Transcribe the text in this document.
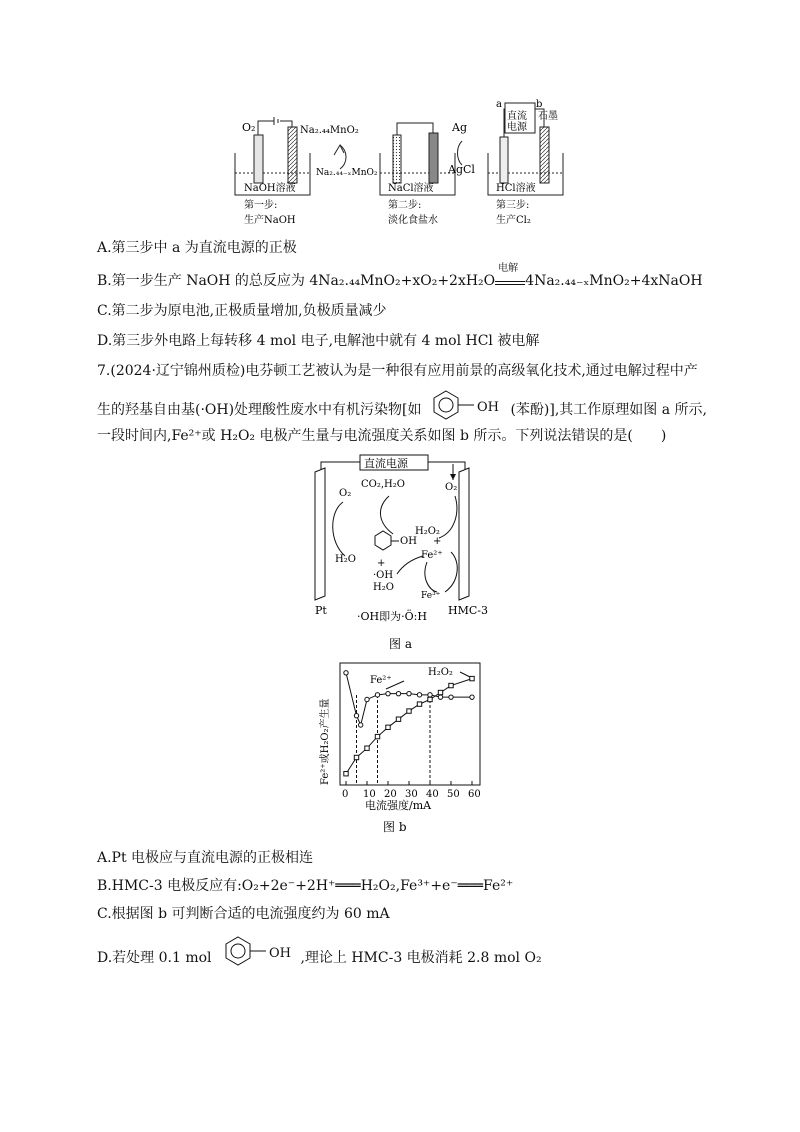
O₂	Na₂.₄₄MnO₂
NaOH溶液
第一步:
生产NaOH
Na₂.₄₄₋ₓMnO₂
Ag
AgCl
NaCl溶液
第二步:
淡化食盐水
a	b
直流
电源
石墨
HCl溶液
第三步:
生产Cl₂
A.第三步中 a 为直流电源的正极
B.第一步生产 NaOH 的总反应为 4Na₂.₄₄MnO₂+xO₂+2xH₂O
电解
4Na₂.₄₄₋ₓMnO₂+4xNaOH
C.第二步为原电池,正极质量增加,负极质量减少
D.第三步外电路上每转移 4 mol 电子,电解池中就有 4 mol HCl 被电解
7.(2024·辽宁锦州质检)电芬顿工艺被认为是一种很有应用前景的高级氧化技术,通过电解过程中产
生的羟基自由基(·OH)处理酸性废水中有机污染物[如	OH (苯酚)],其工作原理如图 a 所示,
一段时间内,Fe²⁺或 H₂O₂ 电极产生量与电流强度关系如图 b 所示。下列说法错误的是(　　)
直流电源
O₂
H₂O
CO₂,H₂O
OH
O₂
H₂O₂
+
Fe²⁺
+
·OH
H₂O
Fe³⁺
Pt	HMC-3
·OH即为·Ö:H
图 a
Fe²⁺或H₂O₂产生量
Fe²⁺
H₂O₂
0 10 20 30 40 50 60
电流强度/mA
图 b
A.Pt 电极应与直流电源的正极相连
B.HMC-3 电极反应有:O₂+2e⁻+2H⁺═══H₂O₂,Fe³⁺+e⁻═══Fe²⁺
C.根据图 b 可判断合适的电流强度约为 60 mA
D.若处理 0.1 mol	OH ,理论上 HMC-3 电极消耗 2.8 mol O₂
